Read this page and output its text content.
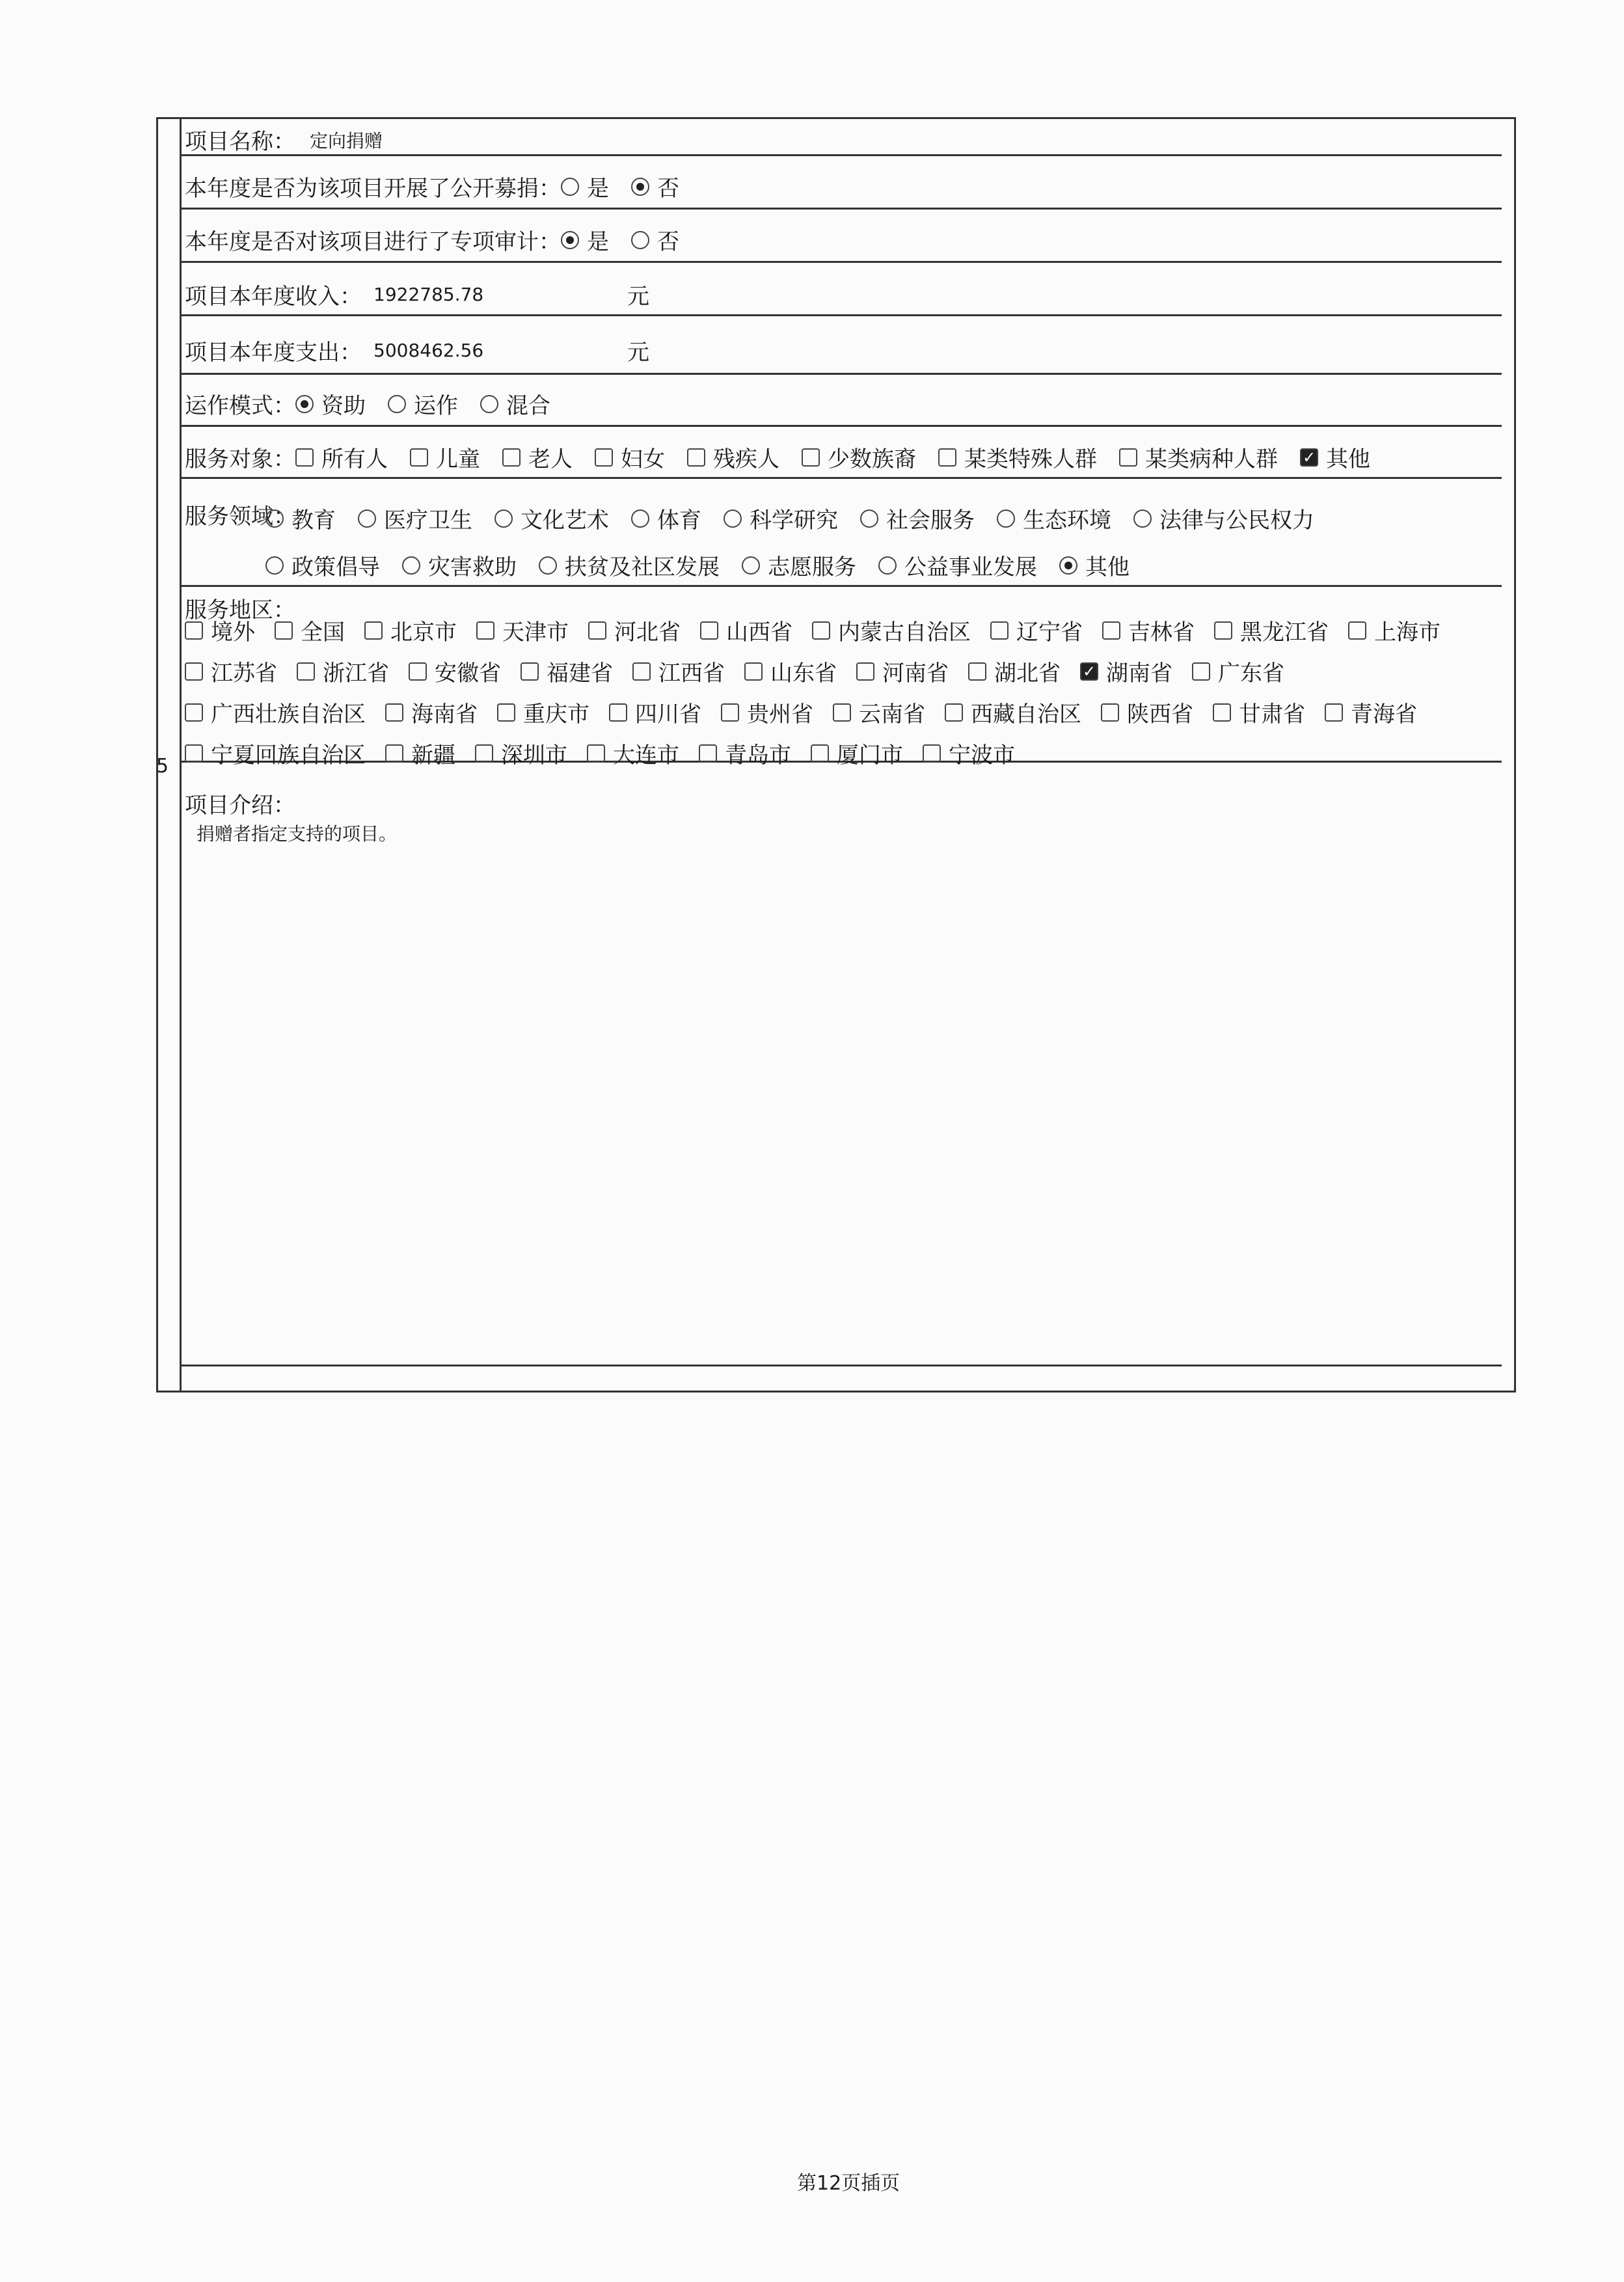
5
项目名称： 定向捐赠
本年度是否为该项目开展了公开募捐： 是 否
本年度是否对该项目进行了专项审计： 是 否
项目本年度收入： 1922785.78	元
项目本年度支出： 5008462.56	元
运作模式： 资助 运作 混合
服务对象： 所有人 儿童 老人 妇女 残疾人 少数族裔 某类特殊人群 某类病种人群 ✓ 其他
服务领域：
教育 医疗卫生 文化艺术 体育 科学研究 社会服务 生态环境 法律与公民权力
政策倡导 灾害救助 扶贫及社区发展 志愿服务 公益事业发展 其他
服务地区：
境外 全国 北京市 天津市 河北省 山西省 内蒙古自治区 辽宁省 吉林省 黑龙江省 上海市
江苏省 浙江省 安徽省 福建省 江西省 山东省 河南省 湖北省 ✓ 湖南省 广东省
广西壮族自治区 海南省 重庆市 四川省 贵州省 云南省 西藏自治区 陕西省 甘肃省 青海省
宁夏回族自治区 新疆 深圳市 大连市 青岛市 厦门市 宁波市
项目介绍：
捐赠者指定支持的项目。
第12页插页
